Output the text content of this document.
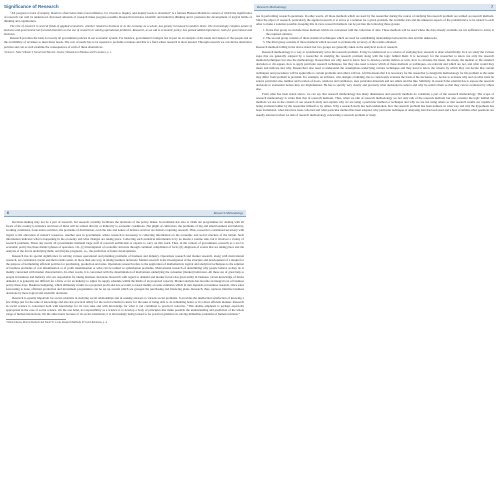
Significance of Research

“All progress is born of inquiry. Doubt is often better than overconfidence, for it leads to inquiry, and inquiry leads to invention” is a famous Hudson Maxim in context of which the significance of research can well be understood. Increased amounts of research make progress possible. Research inculcates scientific and inductive thinking and it promotes the development of logical habits of thinking and organisation.

The role of research in several fields of applied economics, whether related to business or to the economy as a whole, has greatly increased in modern times. The increasingly complex nature of business and government has focused attention on the use of research in solving operational problems. Research, as an aid to economic policy, has gained added importance, both for government and business.

Research provides the basis for nearly all government policies in our economic system. For instance, government’s budgets rest in part on an analysis of the needs and desires of the people and on the availability of revenues to meet these needs. The cost of needs has to be equated to probable revenues and this is a field where research is most needed. Through research we can devise alternative policies and can as well examine the consequences of each of these alternatives.

¹ Robert C. Meir, William T. Newell and Harold L. Dazier, Simulation in Business and Economics, p. 1.
6	Research Methodology

Decision-making may not be a part of research, but research certainly facilitates the decisions of the policy maker. Government has also to chalk out programmes for dealing with all facets of the country’s existence and most of these will be related directly or indirectly to economic conditions. The plight of cultivators, the problems of big and small business and industry, working conditions, trade union activities, the problems of distribution, even the size and nature of defence services are matters requiring research. Thus, research is considered necessary with regard to the allocation of nation’s resources. Another area in government, where research is necessary, is collecting information on the economic and social structure of the nation. Such information indicates what is happening in the economy and what changes are taking place. Collecting such statistical information is by no means a routine task, but it involves a variety of research problems. These day nearly all governments maintain large staff of research technicians or experts to carry on this work. Thus, in the context of government, research as a tool to economic policy has three distinct phases of operation, viz., (i) investigation of economic structure through continual compilation of facts; (ii) diagnosis of events that are taking place and the analysis of the forces underlying them; and (iii) the prognosis, i.e., the prediction of future developments.

Research has its special significance in solving various operational and planning problems of business and industry. Operations research and market research, along with motivational research, are considered crucial and their results assist, in more than one way, in taking business decisions. Market research is the investigation of the structure and development of a market for the purpose of formulating efficient policies for purchasing, production and sales. Operations research refers to the application of mathematical, logical and analytical techniques to the solution of business problems of cost minimisation or of profit maximisation or what can be termed as optimisation problems. Motivational research of determining why people behave as they do is mainly concerned with market characteristics. In other words, it is concerned with the determination of motivations underlying the consumer (market) behaviour. All these are of great help to people in business and industry who are responsible for taking business decisions. Research with regard to demand and market factors has great utility in business. Given knowledge of future demand, it is generally not difficult for a firm, or for an industry to adjust its supply schedule within the limits of its projected capacity. Market analysis has become an integral tool of business policy these days. Business budgeting, which ultimately results in a projected profit and loss account, is based mainly on sales estimates which in turn depends on business research. Once sales forecasting is done, efficient production and investment programmes can be set up around which are grouped the purchasing and financing plans. Research, thus, replaces intuitive business decisions by more logical and scientific decisions.

Research is equally important for social scientists in studying social relationships and in seeking answers to various social problems. It provides the intellectual satisfaction of knowing a few things just for the sake of knowledge and also has practical utility for the social scientist to know for the sake of being able to do something better or in a more efficient manner. Research in social science is concerned both with knowledge for its own sake and with knowledge for what it can contribute to practical concerns. “This double emphasis is perhaps especially appropriate in the case of social science. On the one hand, its responsibility as a science is to develop a body of principles that make possible the understanding and prediction of the whole range of human interactions. On the other hand, because of its social orientation, it is increasingly being looked to for practical guidance in solving immediate problems of human relations.”

² Marie Jahoda, Morton Deutsch and Stuart W. Cook, Research Methods in Social Relations, p. 4.
Research Methodology	7

use in performing research operations. In other words, all those methods which are used by the researcher during the course of studying his research problem are termed as research methods. Since the object of research, particularly the applied research, it to arrive at a solution for a given problem, the available data and the unknown aspects of the problem have to be related to each other to make a solution possible. Keeping this in view, research methods can be put into the following three groups:

1. In the first group we include those methods which are concerned with the collection of data. These methods will be used where the data already available are not sufficient to arrive at the required solution;
2. The second group consists of those statistical techniques which are used for establishing relationships between the data and the unknowns;
3. The third group consists of those methods which are used to evaluate the accuracy of the results obtained.

Research methods falling in the above stated last two groups are generally taken as the analytical tools of research.

Research methodology is a way to systematically solve the research problem. It may be understood as a science of studying how research is done scientifically. In it we study the various steps that are generally adopted by a researcher in studying his research problem along with the logic behind them. It is necessary for the researcher to know not only the research methods/techniques but also the methodology. Researchers not only need to know how to develop certain indices or tests, how to calculate the mean, the mode, the median or the standard deviation or chi-square, how to apply particular research techniques, but they also need to know which of these methods or techniques, are relevant and which are not, and what would they mean and indicate and why. Researchers also need to understand the assumptions underlying various techniques and they need to know the criteria by which they can decide that certain techniques and procedures will be applicable to certain problems and others will not. All this means that it is necessary for the researcher to design his methodology for his problem as the same may differ from problem to problem. For example, an architect, who designs a building, has to consciously evaluate the basis of his decisions, i.e., he has to evaluate why and on what basis he selects particular size, number and location of doors, windows and ventilators, uses particular materials and not others and the like. Similarly, in research the scientist has to expose the research decisions to evaluation before they are implemented. He has to specify very clearly and precisely what decisions he selects and why he selects them so that they can be evaluated by others also.

From what has been stated above, we can say that research methodology has many dimensions and research methods do constitute a part of the research methodology. The scope of research methodology is wider than that of research methods. Thus, when we talk of research methodology we not only talk of the research methods but also consider the logic behind the methods we use in the context of our research study and explain why we are using a particular method or technique and why we are not using others so that research results are capable of being evaluated either by the researcher himself or by others. Why a research study has been undertaken, how the research problem has been defined, in what way and why the hypothesis has been formulated, what data have been collected and what particular method has been adopted, why particular technique of analysing data has been used and a host of similar other questions are usually answered when we talk of research methodology concerning a research problem or study.
